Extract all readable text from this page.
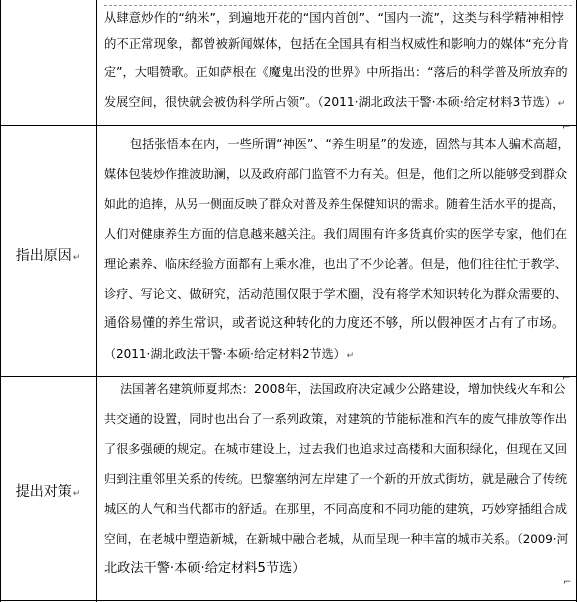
⌐
⌐
⌐
从肆意炒作的“纳米”，到遍地开花的“国内首创”、“国内一流”，这类与科学精神相悖
的不正常现象，都曾被新闻媒体，包括在全国具有相当权威性和影响力的媒体“充分肯
定”，大唱赞歌。正如萨根在《魔鬼出没的世界》中所指出：“落后的科学普及所放弃的
发展空间，很快就会被伪科学所占领”。（2011·湖北政法干警·本硕·给定材料3节选）↵
指出原因↵
包括张悟本在内，一些所谓“神医”、“养生明星”的发迹，固然与其本人骗术高超，
媒体包装炒作推波助澜，以及政府部门监管不力有关。但是，他们之所以能够受到群众
如此的追捧，从另一侧面反映了群众对普及养生保健知识的需求。随着生活水平的提高，
人们对健康养生方面的信息越来越关注。我们周围有许多货真价实的医学专家，他们在
理论素养、临床经验方面都有上乘水准，也出了不少论著。但是，他们往往忙于教学、
诊疗、写论文、做研究，活动范围仅限于学术圈，没有将学术知识转化为群众需要的、
通俗易懂的养生常识，或者说这种转化的力度还不够，所以假神医才占有了市场。
（2011·湖北政法干警·本硕·给定材料2节选）↵
提出对策↵
法国著名建筑师夏邦杰：2008年，法国政府决定减少公路建设，增加快线火车和公
共交通的设置，同时也出台了一系列政策，对建筑的节能标准和汽车的废气排放等作出
了很多强硬的规定。在城市建设上，过去我们也追求过高楼和大面积绿化，但现在又回
归到注重邻里关系的传统。巴黎塞纳河左岸建了一个新的开放式街坊，就是融合了传统
城区的人气和当代都市的舒适。在那里，不同高度和不同功能的建筑，巧妙穿插组合成
空间，在老城中塑造新城，在新城中融合老城，从而呈现一种丰富的城市关系。（2009·河
北政法干警·本硕·给定材料5节选）
